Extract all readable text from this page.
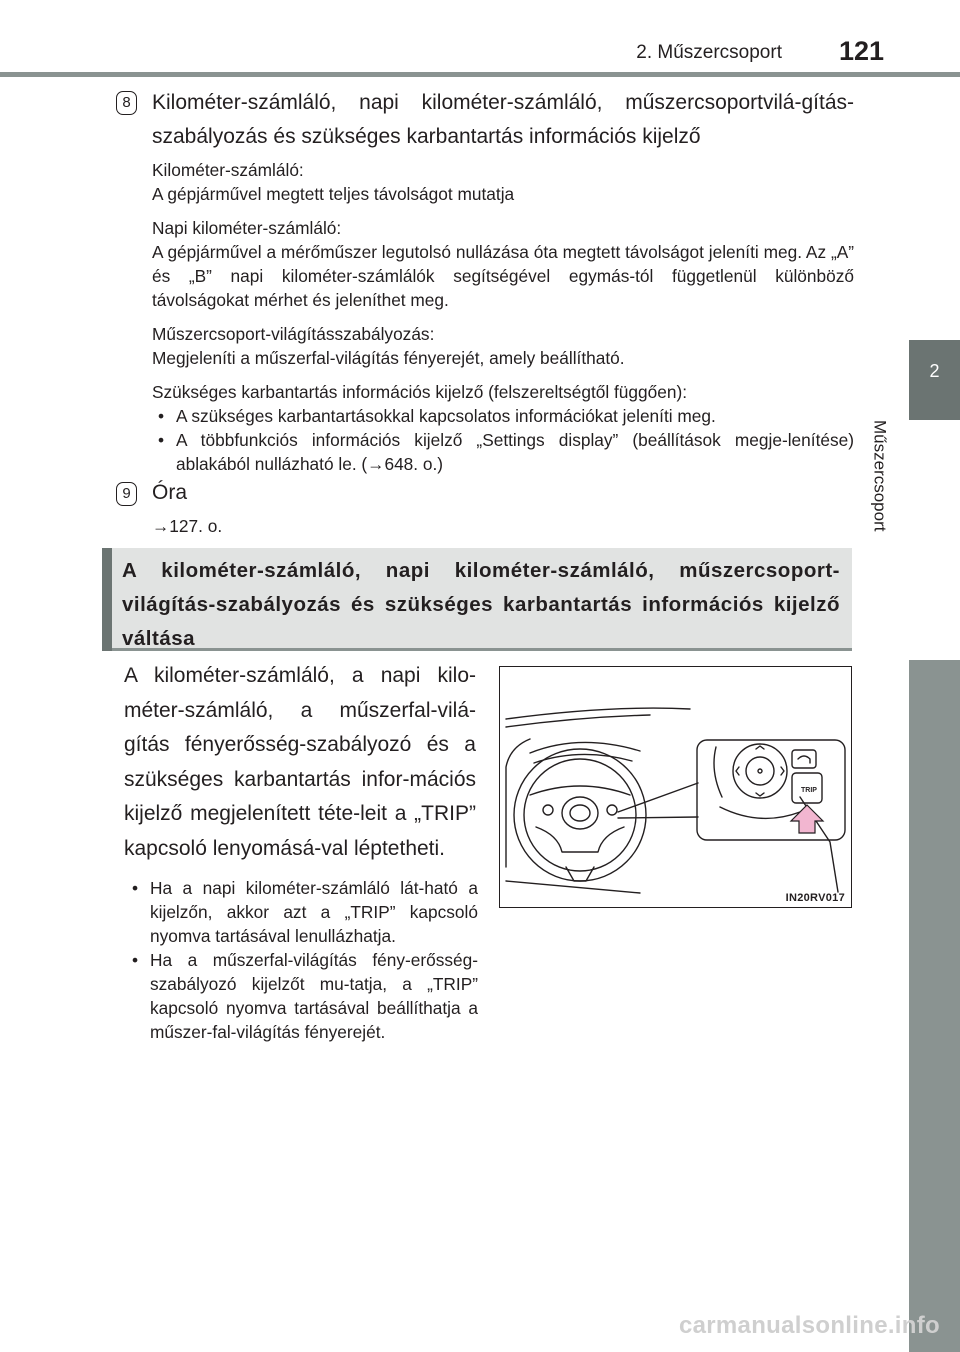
2. Műszercsoport 121
2
Műszercsoport
8	Kilométer-számláló, napi kilométer-számláló, műszercsoportvilá-gítás-szabályozás és szükséges karbantartás információs kijelző

Kilométer-számláló:
A gépjárművel megtett teljes távolságot mutatja

Napi kilométer-számláló:
A gépjárművel a mérőműszer legutolsó nullázása óta megtett távolságot jeleníti meg. Az „A” és „B” napi kilométer-számlálók segítségével egymás-tól függetlenül különböző távolságokat mérhet és jeleníthet meg.

Műszercsoport-világításszabályozás:
Megjeleníti a műszerfal-világítás fényerejét, amely beállítható.

Szükséges karbantartás információs kijelző (felszereltségtől függően):

• A szükséges karbantartásokkal kapcsolatos információkat jeleníti meg.
• A többfunkciós információs kijelző „Settings display” (beállítások megje-lenítése) ablakából nullázható le. (→648. o.)
9	Óra
→127. o.
A kilométer-számláló, napi kilométer-számláló, műszercsoport-világítás-szabályozás és szükséges karbantartás információs kijelző váltása

A kilométer-számláló, a napi kilo-méter-számláló, a műszerfal-vilá-gítás fényerősség-szabályozó és a szükséges karbantartás infor-mációs kijelző megjelenített téte-leit a „TRIP” kapcsoló lenyomásá-val léptetheti.

• Ha a napi kilométer-számláló lát-ható a kijelzőn, akkor azt a „TRIP” kapcsoló nyomva tartásával lenullázhatja.
• Ha a műszerfal-világítás fény-erősség-szabályozó kijelzőt mu-tatja, a „TRIP” kapcsoló nyomva tartásával beállíthatja a műszer-fal-világítás fényerejét.
TRIP
IN20RV017
carmanualsonline.info
